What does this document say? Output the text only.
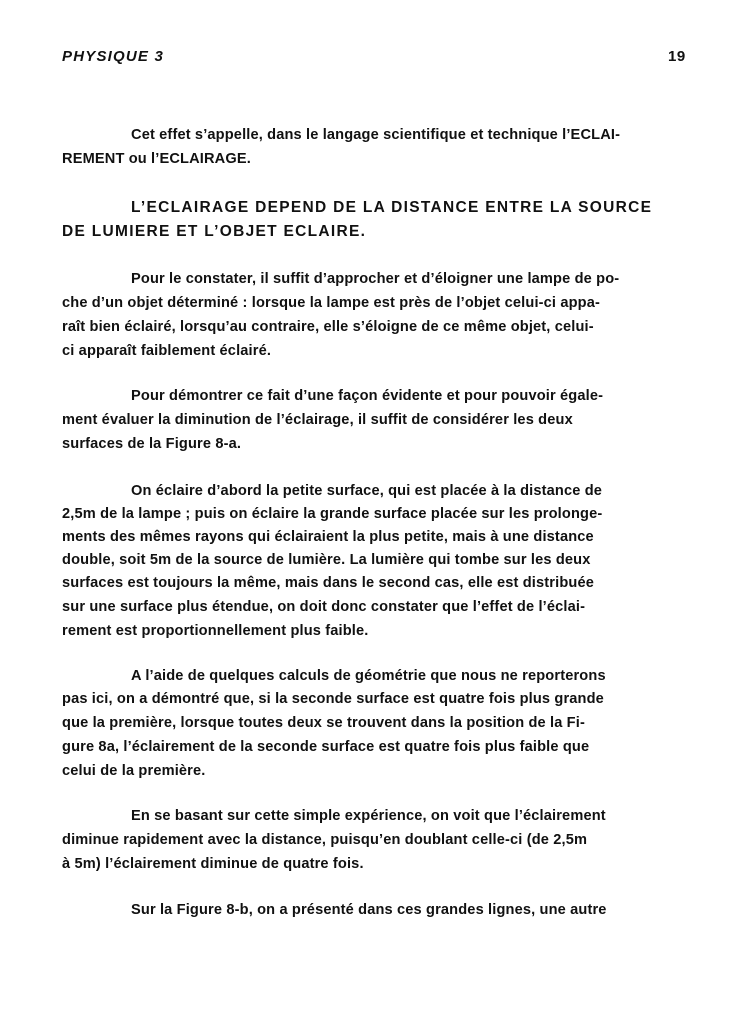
PHYSIQUE 3	19
Cet effet s’appelle, dans le langage scientifique et technique l’ECLAI-
REMENT ou l’ECLAIRAGE.
L’ECLAIRAGE DEPEND DE LA DISTANCE ENTRE LA SOURCE
DE LUMIERE ET L’OBJET ECLAIRE.
Pour le constater, il suffit d’approcher et d’éloigner une lampe de po-
che d’un objet déterminé : lorsque la lampe est près de l’objet celui-ci appa-
raît bien éclairé, lorsqu’au contraire, elle s’éloigne de ce même objet, celui-
ci apparaît faiblement éclairé.
Pour démontrer ce fait d’une façon évidente et pour pouvoir égale-
ment évaluer la diminution de l’éclairage, il suffit de considérer les deux
surfaces de la Figure 8-a.
On éclaire d’abord la petite surface, qui est placée à la distance de
2,5m de la lampe ; puis on éclaire la grande surface placée sur les prolonge-
ments des mêmes rayons qui éclairaient la plus petite, mais à une distance
double, soit 5m de la source de lumière. La lumière qui tombe sur les deux
surfaces est toujours la même, mais dans le second cas, elle est distribuée
sur une surface plus étendue, on doit donc constater que l’effet de l’éclai-
rement est proportionnellement plus faible.
A l’aide de quelques calculs de géométrie que nous ne reporterons
pas ici, on a démontré que, si la seconde surface est quatre fois plus grande
que la première, lorsque toutes deux se trouvent dans la position de la Fi-
gure 8a, l’éclairement de la seconde surface est quatre fois plus faible que
celui de la première.
En se basant sur cette simple expérience, on voit que l’éclairement
diminue rapidement avec la distance, puisqu’en doublant celle-ci (de 2,5m
à 5m) l’éclairement diminue de quatre fois.
Sur la Figure 8-b, on a présenté dans ces grandes lignes, une autre
